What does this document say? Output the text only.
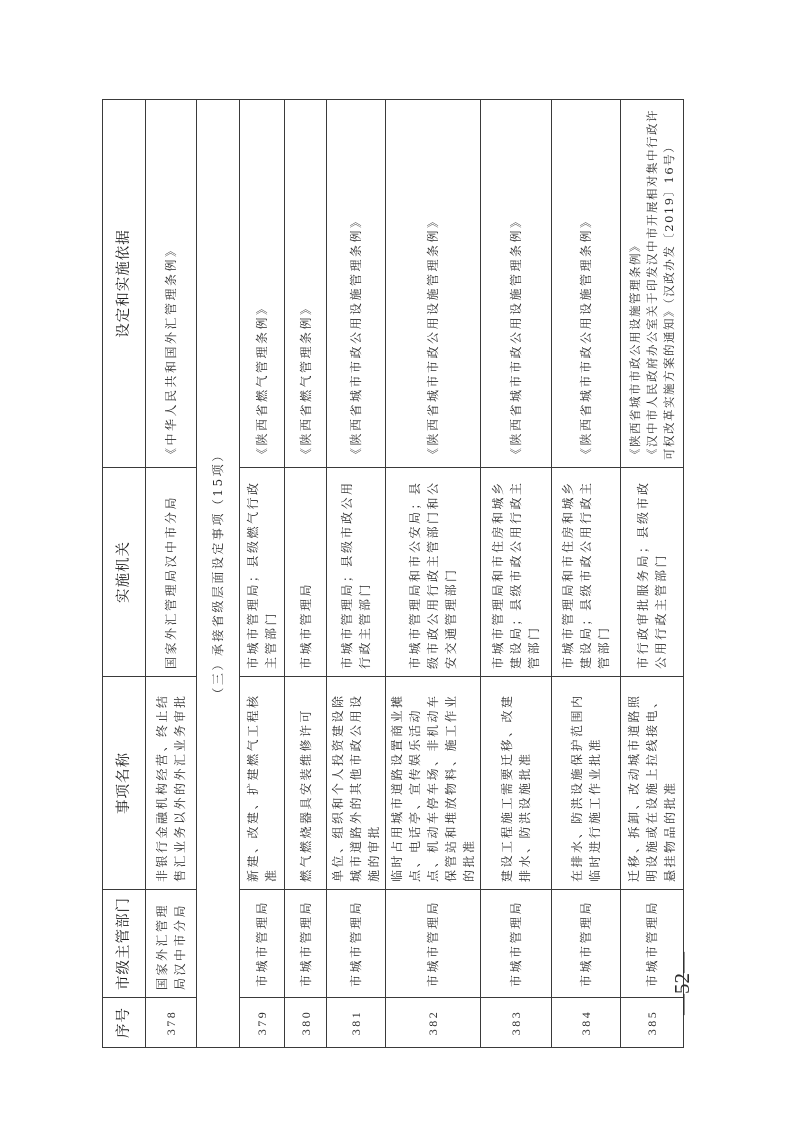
序号	市级主管部门	事项名称	实施机关	设定和实施依据
378	国家外汇管理局汉中市分局	非银行金融机构经营、终止结售汇业务以外的外汇业务审批	国家外汇管理局汉中市分局	《中华人民共和国外汇管理条例》

（三）承接省级层面设定事项（15项）				
379	市城市管理局	新建、改建、扩建燃气工程核准	市城市管理局；县级燃气行政主管部门	《陕西省燃气管理条例》

380	市城市管理局	燃气燃烧器具安装维修许可	市城市管理局	《陕西省燃气管理条例》

381	市城市管理局	单位、组织和个人投资建设除城市道路外的其他市政公用设施的审批	市城市管理局；县级市政公用行政主管部门	《陕西省城市市政公用设施管理条例》

382	市城市管理局	临时占用城市道路设置商业摊点、电话亭、宣传娱乐活动点、机动车停车场、非机动车保管站和堆放物料、施工作业的批准	市城市管理局和市公安局；县级市政公用行政主管部门和公安交通管理部门	《陕西省城市市政公用设施管理条例》

383	市城市管理局	建设工程施工需要迁移、改建排水、防洪设施批准	市城市管理局和市住房和城乡建设局；县级市政公用行政主管部门	《陕西省城市市政公用设施管理条例》

384	市城市管理局	在排水、防洪设施保护范围内临时进行施工作业批准	市城市管理局和市住房和城乡建设局；县级市政公用行政主管部门	《陕西省城市市政公用设施管理条例》

385	市城市管理局	迁移、拆卸、改动城市道路照明设施或在设施上拉线接电、悬挂物品的批准	市行政审批服务局；县级市政公用行政主管部门	《陕西省城市市政公用设施管理条例》 《汉中市人民政府办公室关于印发汉中市开展相对集中行政许可权改革实施方案的通知》（汉政办发〔2019〕16号）
—52—
